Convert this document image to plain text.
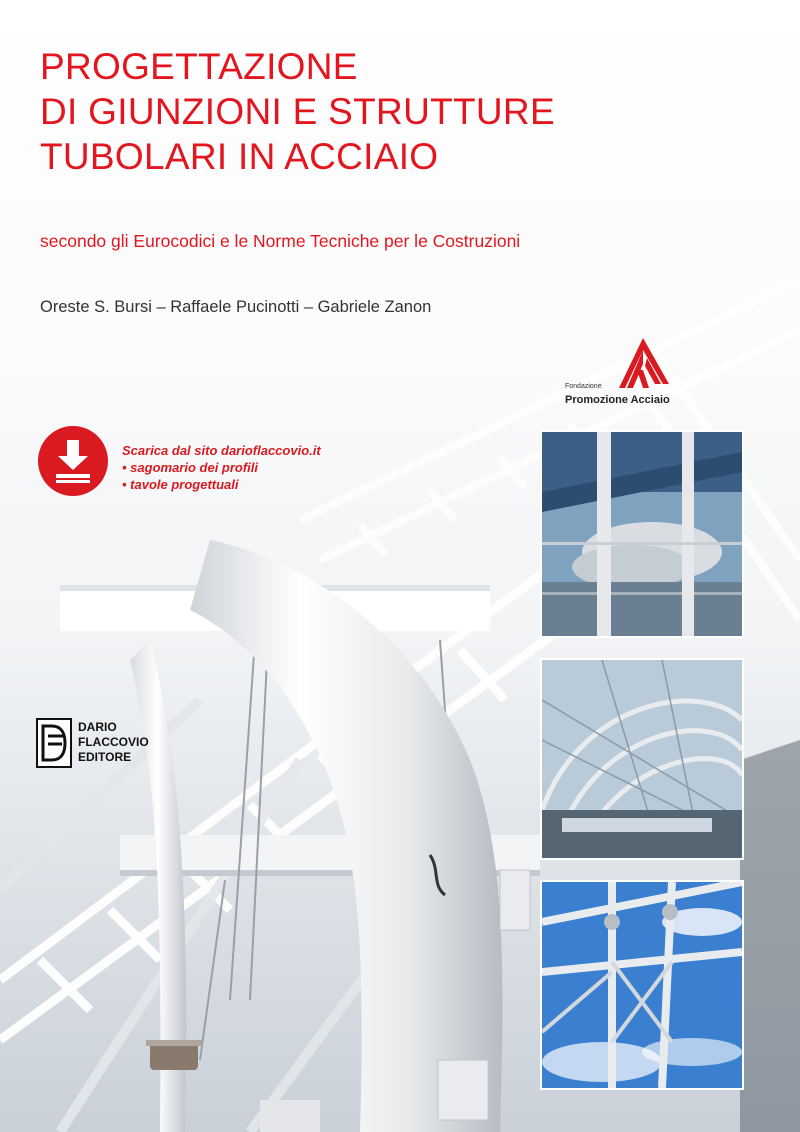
PROGETTAZIONE
DI GIUNZIONI E STRUTTURE
TUBOLARI IN ACCIAIO
secondo gli Eurocodici e le Norme Tecniche per le Costruzioni
Oreste S. Bursi – Raffaele Pucinotti – Gabriele Zanon
Fondazione
Promozione Acciaio
Scarica dal sito darioflaccovio.it
• sagomario dei profili
• tavole progettuali
DARIO
FLACCOVIO
EDITORE
